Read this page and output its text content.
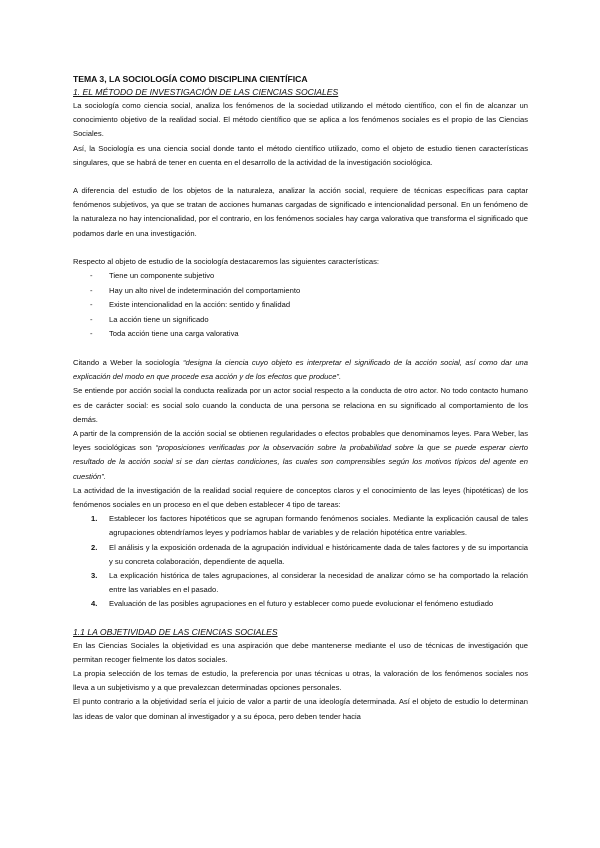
TEMA 3, LA SOCIOLOGÍA COMO DISCIPLINA CIENTÍFICA
1. EL MÉTODO DE INVESTIGACIÓN DE LAS CIENCIAS SOCIALES

La sociología como ciencia social, analiza los fenómenos de la sociedad utilizando el método científico, con el fin de alcanzar un conocimiento objetivo de la realidad social. El método científico que se aplica a los fenómenos sociales es el propio de las Ciencias Sociales.

Así, la Sociología es una ciencia social donde tanto el método científico utilizado, como el objeto de estudio tienen características singulares, que se habrá de tener en cuenta en el desarrollo de la actividad de la investigación sociológica.

A diferencia del estudio de los objetos de la naturaleza, analizar la acción social, requiere de técnicas específicas para captar fenómenos subjetivos, ya que se tratan de acciones humanas cargadas de significado e intencionalidad personal. En un fenómeno de la naturaleza no hay intencionalidad, por el contrario, en los fenómenos sociales hay carga valorativa que transforma el significado que podamos darle en una investigación.

Respecto al objeto de estudio de la sociología destacaremos las siguientes características:

- Tiene un componente subjetivo
- Hay un alto nivel de indeterminación del comportamiento
- Existe intencionalidad en la acción: sentido y finalidad
- La acción tiene un significado
- Toda acción tiene una carga valorativa

Citando a Weber la sociología “designa la ciencia cuyo objeto es interpretar el significado de la acción social, así como dar una explicación del modo en que procede esa acción y de los efectos que produce”.

Se entiende por acción social la conducta realizada por un actor social respecto a la conducta de otro actor. No todo contacto humano es de carácter social: es social solo cuando la conducta de una persona se relaciona en su significado al comportamiento de los demás.

A partir de la comprensión de la acción social se obtienen regularidades o efectos probables que denominamos leyes. Para Weber, las leyes sociológicas son “proposiciones verificadas por la observación sobre la probabilidad sobre la que se puede esperar cierto resultado de la acción social si se dan ciertas condiciones, las cuales son comprensibles según los motivos típicos del agente en cuestión”.

La actividad de la investigación de la realidad social requiere de conceptos claros y el conocimiento de las leyes (hipotéticas) de los fenómenos sociales en un proceso en el que deben establecer 4 tipo de tareas:

1. Establecer los factores hipotéticos que se agrupan formando fenómenos sociales. Mediante la explicación causal de tales agrupaciones obtendríamos leyes y podríamos hablar de variables y de relación hipotética entre variables.
2. El análisis y la exposición ordenada de la agrupación individual e históricamente dada de tales factores y de su importancia y su concreta colaboración, dependiente de aquella.
3. La explicación histórica de tales agrupaciones, al considerar la necesidad de analizar cómo se ha comportado la relación entre las variables en el pasado.
4. Evaluación de las posibles agrupaciones en el futuro y establecer como puede evolucionar el fenómeno estudiado
1.1 LA OBJETIVIDAD DE LAS CIENCIAS SOCIALES

En las Ciencias Sociales la objetividad es una aspiración que debe mantenerse mediante el uso de técnicas de investigación que permitan recoger fielmente los datos sociales.

La propia selección de los temas de estudio, la preferencia por unas técnicas u otras, la valoración de los fenómenos sociales nos lleva a un subjetivismo y a que prevalezcan determinadas opciones personales.

El punto contrario a la objetividad sería el juicio de valor a partir de una ideología determinada. Así el objeto de estudio lo determinan las ideas de valor que dominan al investigador y a su época, pero deben tender hacia
